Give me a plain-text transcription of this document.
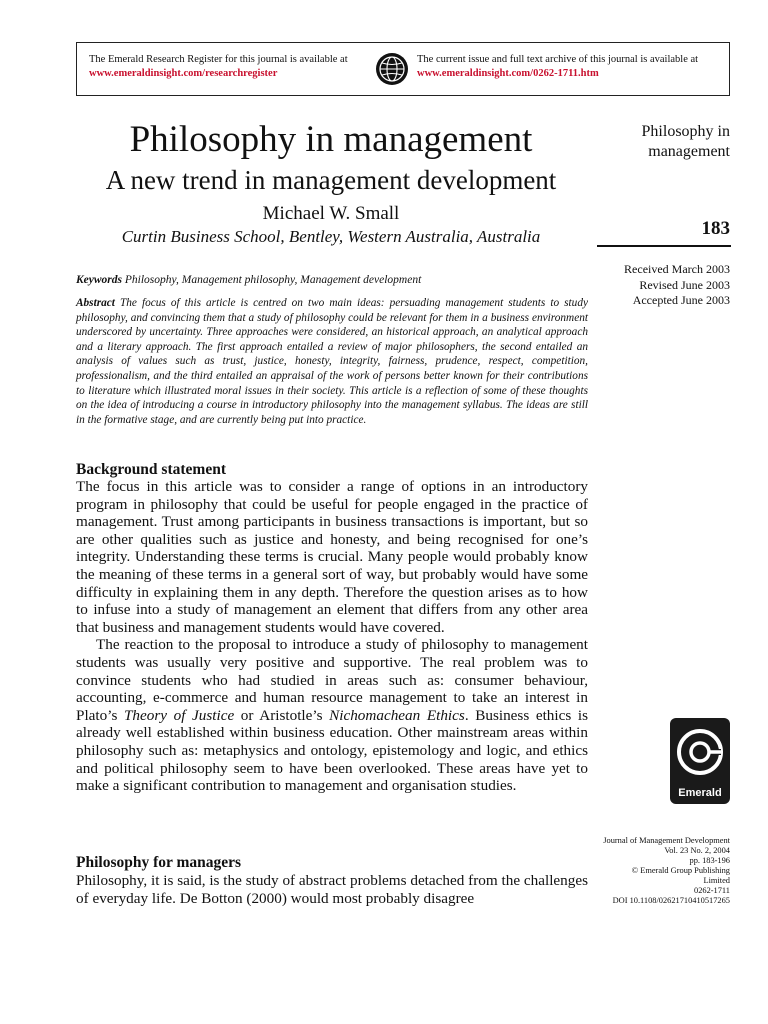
The Emerald Research Register for this journal is available at
www.emeraldinsight.com/researchregister
The current issue and full text archive of this journal is available at
www.emeraldinsight.com/0262-1711.htm
Philosophy in management
A new trend in management development
Michael W. Small
Curtin Business School, Bentley, Western Australia, Australia
Philosophy in management
183
Received March 2003
Revised June 2003
Accepted June 2003
Keywords Philosophy, Management philosophy, Management development
Abstract The focus of this article is centred on two main ideas: persuading management students to study philosophy, and convincing them that a study of philosophy could be relevant for them in a business environment underscored by uncertainty. Three approaches were considered, an historical approach, an analytical approach and a literary approach. The first approach entailed a review of major philosophers, the second entailed an analysis of values such as trust, justice, honesty, integrity, fairness, prudence, respect, competition, professionalism, and the third entailed an appraisal of the work of persons better known for their contributions to literature which illustrated moral issues in their society. This article is a reflection of some of these thoughts on the idea of introducing a course in introductory philosophy into the management syllabus. The ideas are still in the formative stage, and are currently being put into practice.
Background statement

The focus in this article was to consider a range of options in an introductory program in philosophy that could be useful for people engaged in the practice of management. Trust among participants in business transactions is important, but so are other qualities such as justice and honesty, and being recognised for one’s integrity. Understanding these terms is crucial. Many people would probably know the meaning of these terms in a general sort of way, but probably would have some difficulty in explaining them in any depth. Therefore the question arises as to how to infuse into a study of management an element that differs from any other area that business and management students would have covered.

The reaction to the proposal to introduce a study of philosophy to management students was usually very positive and supportive. The real problem was to convince students who had studied in areas such as: consumer behaviour, accounting, e-commerce and human resource management to take an interest in Plato’s Theory of Justice or Aristotle’s Nichomachean Ethics. Business ethics is already well established within business education. Other mainstream areas within philosophy such as: metaphysics and ontology, epistemology and logic, and ethics and political philosophy seem to have been overlooked. These areas have yet to make a significant contribution to management and organisation studies.

Philosophy for managers

Philosophy, it is said, is the study of abstract problems detached from the challenges of everyday life. De Botton (2000) would most probably disagree

Emerald
Journal of Management Development
Vol. 23 No. 2, 2004
pp. 183-196
© Emerald Group Publishing
Limited
0262-1711
DOI 10.1108/02621710410517265
